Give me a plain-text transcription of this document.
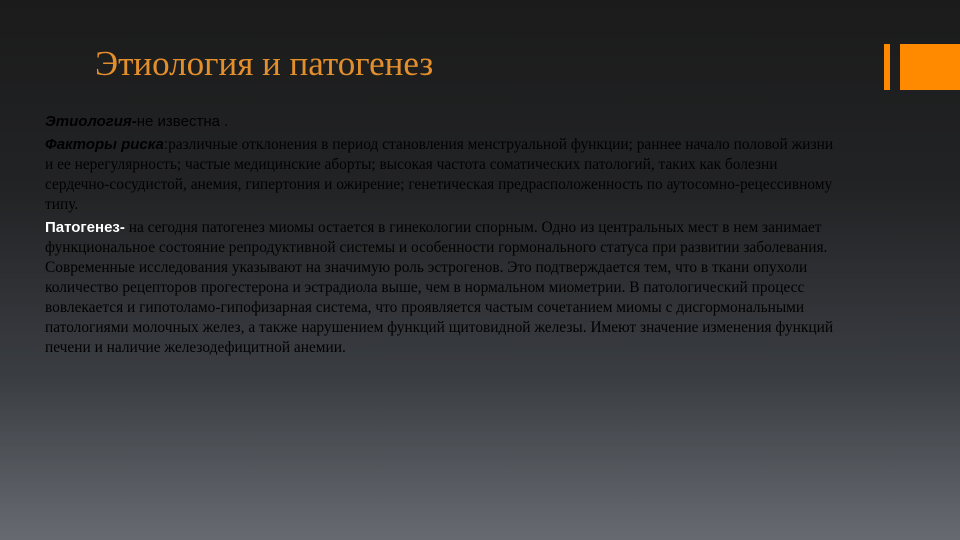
Этиология и патогенез

Этиология-не известна .

Факторы риска:различные отклонения в период становления менструальной функции; раннее начало половой жизни и ее нерегулярность; частые медицинские аборты; высокая частота соматических патологий, таких как болезни сердечно-сосудистой, анемия, гипертония и ожирение; генетическая предрасположенность по аутосомно-рецессивному типу.

Патогенез- на сегодня патогенез миомы остается в гинекологии спорным. Одно из центральных мест в нем занимает функциональное состояние репродуктивной системы и особенности гормонального статуса при развитии заболевания. Современные исследования указывают на значимую роль эстрогенов. Это подтверждается тем, что в ткани опухоли количество рецепторов прогестерона и эстрадиола выше, чем в нормальном миометрии. В патологический процесс вовлекается и гипотоламо-гипофизарная система, что проявляется частым сочетанием миомы с дисгормональными патологиями молочных желез, а также нарушением функций щитовидной железы. Имеют значение изменения функций печени и наличие железодефицитной анемии.
